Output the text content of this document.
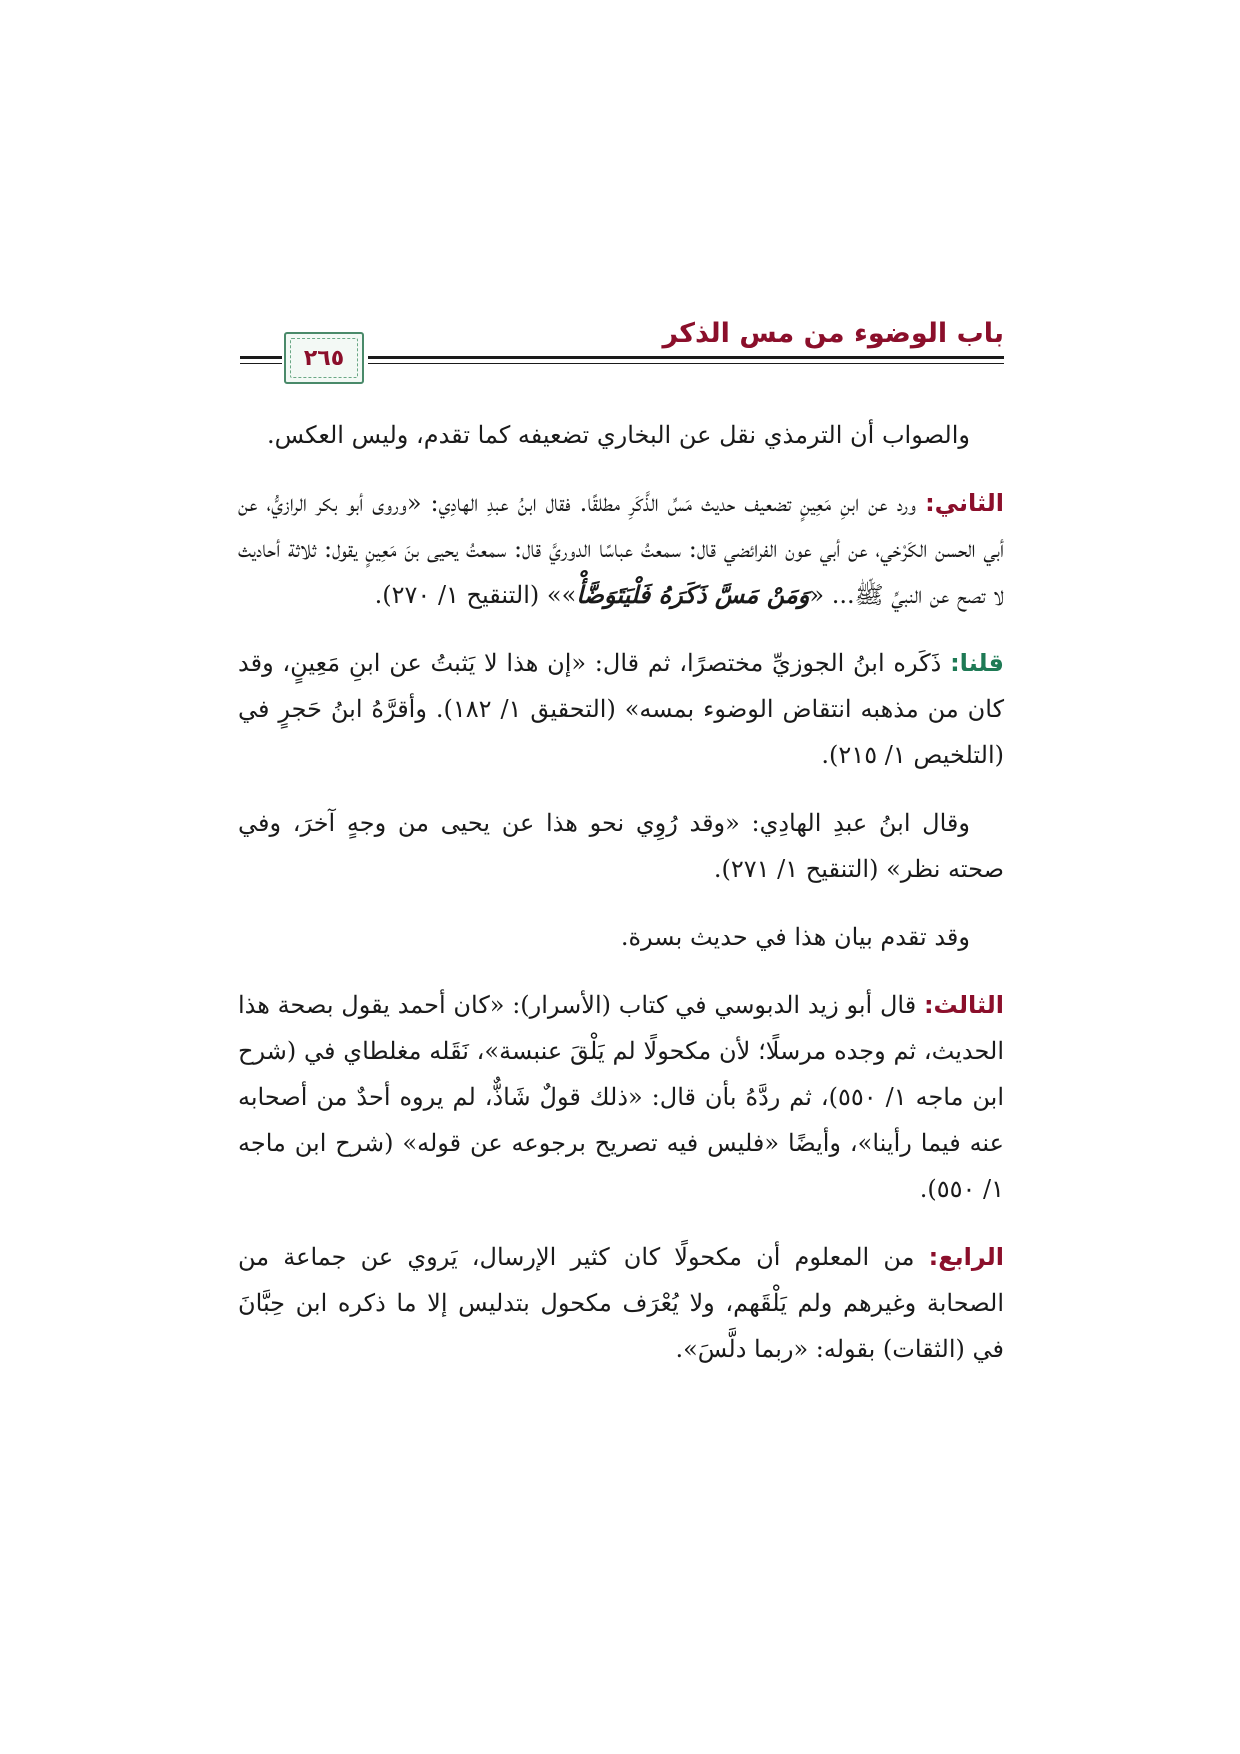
باب الوضوء من مس الذكر
٢٦٥

والصواب أن الترمذي نقل عن البخاري تضعيفه كما تقدم، وليس العكس.

الثاني: ورد عن ابنِ مَعِينٍ تضعيف حديث مَسِّ الذَّكَرِ مطلقًا. فقال ابنُ عبدِ الهادِي: «وروى أبو بكر الرازيُّ، عن أبي الحسن الكَرْخي، عن أبي عون الفرائضي قال: سمعتُ عباسًا الدوريَّ قال: سمعتُ يحيى بنَ مَعِينٍ يقول: ثلاثة أحاديث لا تصح عن النبيِّ ﷺ... «وَمَنْ مَسَّ ذَكَرَهُ فَلْيَتَوَضَّأْ»» (التنقيح ١/ ٢٧٠).

قلنا: ذَكَره ابنُ الجوزيِّ مختصرًا، ثم قال: «إن هذا لا يَثبتُ عن ابنِ مَعِينٍ، وقد كان من مذهبه انتقاض الوضوء بمسه» (التحقيق ١/ ١٨٢). وأقرَّهُ ابنُ حَجرٍ في (التلخيص ١/ ٢١٥).

وقال ابنُ عبدِ الهادِي: «وقد رُوِي نحو هذا عن يحيى من وجهٍ آخرَ، وفي صحته نظر» (التنقيح ١/ ٢٧١).

وقد تقدم بيان هذا في حديث بسرة.

الثالث: قال أبو زيد الدبوسي في كتاب (الأسرار): «كان أحمد يقول بصحة هذا الحديث، ثم وجده مرسلًا؛ لأن مكحولًا لم يَلْقَ عنبسة»، نَقَله مغلطاي في (شرح ابن ماجه ١/ ٥٥٠)، ثم ردَّهُ بأن قال: «ذلك قولٌ شَاذٌّ، لم يروه أحدٌ من أصحابه عنه فيما رأينا»، وأيضًا «فليس فيه تصريح برجوعه عن قوله» (شرح ابن ماجه ١/ ٥٥٠).

الرابع: من المعلوم أن مكحولًا كان كثير الإرسال، يَروي عن جماعة من الصحابة وغيرهم ولم يَلْقَهم، ولا يُعْرَف مكحول بتدليس إلا ما ذكره ابن حِبَّانَ في (الثقات) بقوله: «ربما دلَّسَ».
